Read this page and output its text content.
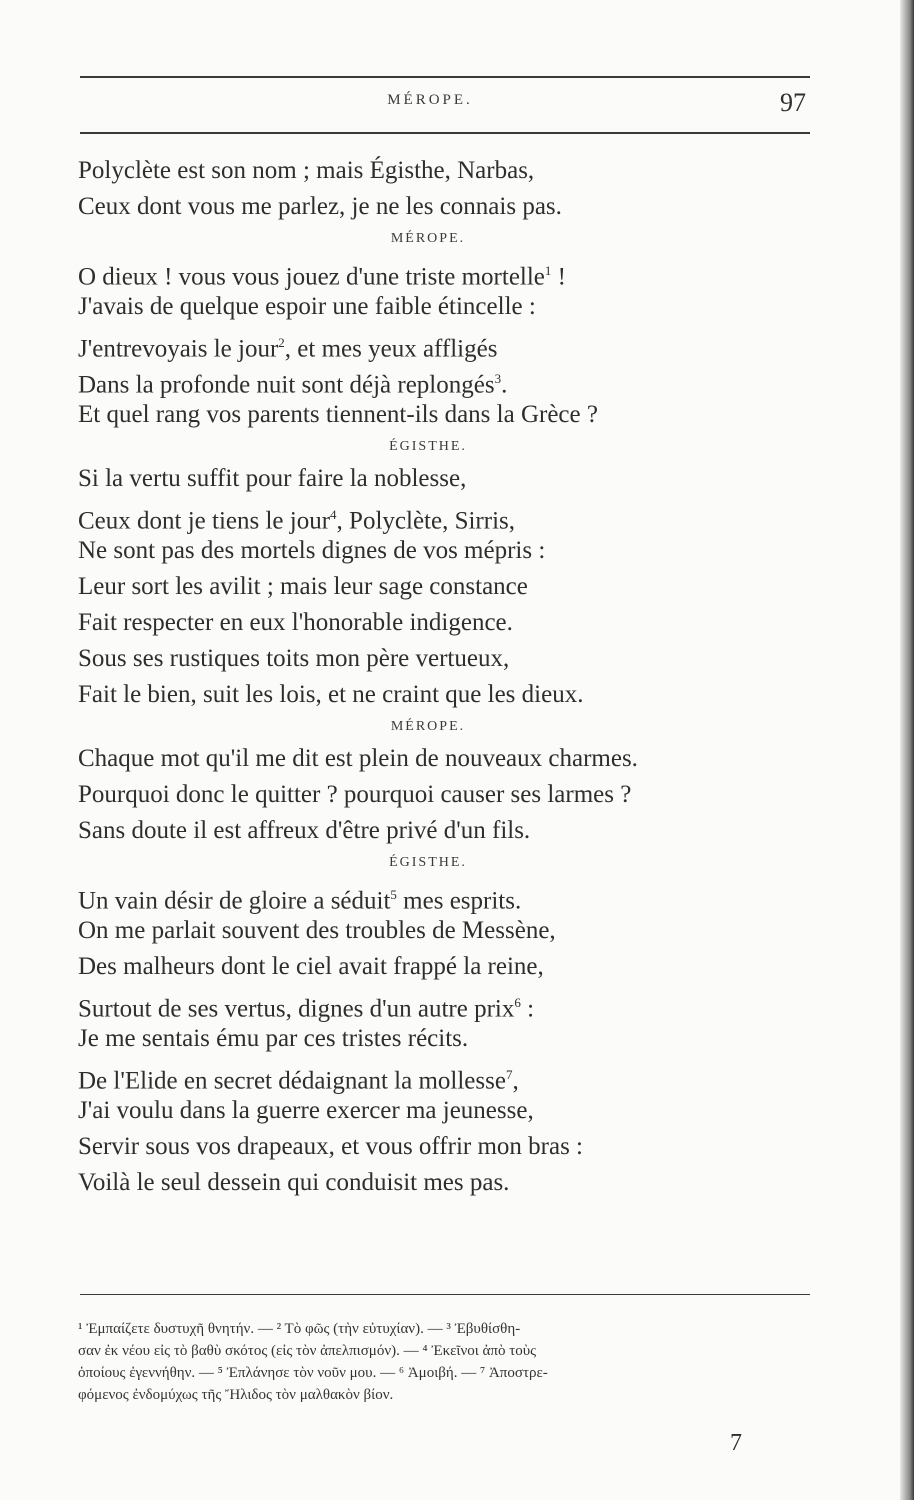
MÉROPE.	97
Polyclète est son nom ; mais Égisthe, Narbas,
Ceux dont vous me parlez, je ne les connais pas.
MÉROPE.
O dieux ! vous vous jouez d'une triste mortelle$^1$ !
J'avais de quelque espoir une faible étincelle :
J'entrevoyais le jour$^2$, et mes yeux affligés
Dans la profonde nuit sont déjà replongés$^3$.
Et quel rang vos parents tiennent-ils dans la Grèce ?
ÉGISTHE.
Si la vertu suffit pour faire la noblesse,
Ceux dont je tiens le jour$^4$, Polyclète, Sirris,
Ne sont pas des mortels dignes de vos mépris :
Leur sort les avilit ; mais leur sage constance
Fait respecter en eux l'honorable indigence.
Sous ses rustiques toits mon père vertueux,
Fait le bien, suit les lois, et ne craint que les dieux.
MÉROPE.
Chaque mot qu'il me dit est plein de nouveaux charmes.
Pourquoi donc le quitter ? pourquoi causer ses larmes ?
Sans doute il est affreux d'être privé d'un fils.
ÉGISTHE.
Un vain désir de gloire a séduit$^5$ mes esprits.
On me parlait souvent des troubles de Messène,
Des malheurs dont le ciel avait frappé la reine,
Surtout de ses vertus, dignes d'un autre prix$^6$ :
Je me sentais ému par ces tristes récits.
De l'Elide en secret dédaignant la mollesse$^7$,
J'ai voulu dans la guerre exercer ma jeunesse,
Servir sous vos drapeaux, et vous offrir mon bras :
Voilà le seul dessein qui conduisit mes pas.
¹ Ἐμπαίζετε δυστυχῆ θνητήν. — ² Τὸ φῶς (τὴν εὐτυχίαν). — ³ Ἐβυθίσθη-
σαν ἐκ νέου εἰς τὸ βαθὺ σκότος (εἰς τὸν ἀπελπισμόν). — ⁴ Ἐκεῖνοι ἀπὸ τοὺς
ὁποίους ἐγεννήθην. — ⁵ Ἐπλάνησε τὸν νοῦν μου. — ⁶ Ἀμοιβή. — ⁷ Ἀποστρε-
φόμενος ἐνδομύχως τῆς Ἤλιδος τὸν μαλθακὸν βίον.
7
